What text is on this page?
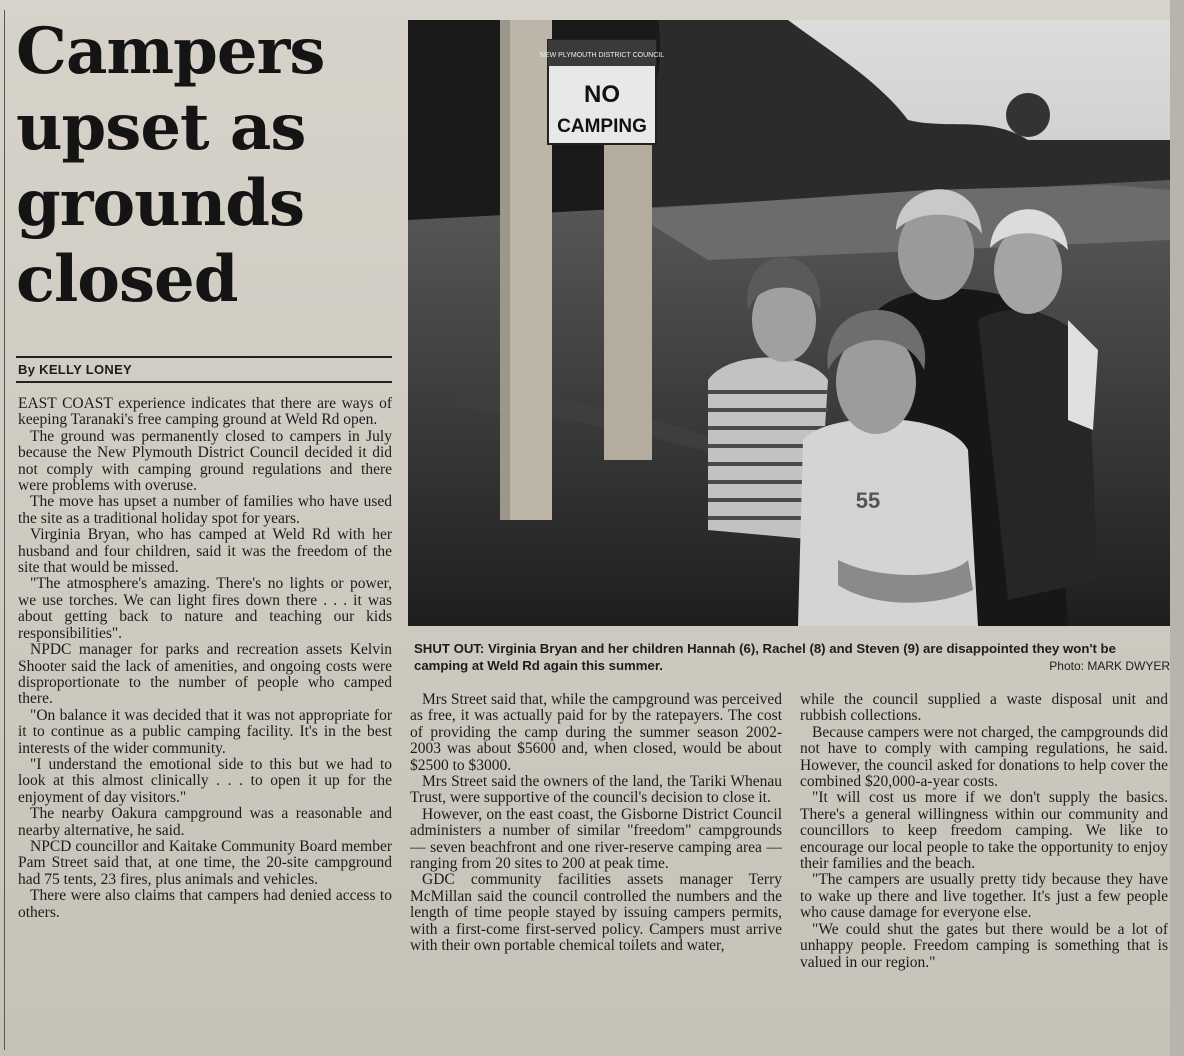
Campers
upset as
grounds
closed
By KELLY LONEY

EAST COAST experience indicates that there are ways of keeping Taranaki's free camping ground at Weld Rd open.

The ground was permanently closed to campers in July because the New Plymouth District Council decided it did not comply with camping ground regulations and there were problems with overuse.

The move has upset a number of families who have used the site as a traditional holiday spot for years.

Virginia Bryan, who has camped at Weld Rd with her husband and four children, said it was the freedom of the site that would be missed.

"The atmosphere's amazing. There's no lights or power, we use torches. We can light fires down there . . . it was about getting back to nature and teaching our kids responsibilities".

NPDC manager for parks and recreation assets Kelvin Shooter said the lack of amenities, and ongoing costs were disproportionate to the number of people who camped there.

"On balance it was decided that it was not appropriate for it to continue as a public camping facility. It's in the best interests of the wider community.

"I understand the emotional side to this but we had to look at this almost clinically . . . to open it up for the enjoyment of day visitors."

The nearby Oakura campground was a reasonable and nearby alternative, he said.

NPCD councillor and Kaitake Community Board member Pam Street said that, at one time, the 20-site campground had 75 tents, 23 fires, plus animals and vehicles.

There were also claims that campers had denied access to others.

NEW PLYMOUTH DISTRICT COUNCIL
NO
CAMPING
55
SHUT OUT: Virginia Bryan and her children Hannah (6), Rachel (8) and Steven (9) are disappointed they won't be camping at Weld Rd again this summer.	Photo: MARK DWYER

Mrs Street said that, while the campground was perceived as free, it was actually paid for by the ratepayers. The cost of providing the camp during the summer season 2002-2003 was about $5600 and, when closed, would be about $2500 to $3000.

Mrs Street said the owners of the land, the Tariki Whenau Trust, were supportive of the council's decision to close it.

However, on the east coast, the Gisborne District Council administers a number of similar "freedom" campgrounds — seven beachfront and one river-reserve camping area — ranging from 20 sites to 200 at peak time.

GDC community facilities assets manager Terry McMillan said the council controlled the numbers and the length of time people stayed by issuing campers permits, with a first-come first-served policy. Campers must arrive with their own portable chemical toilets and water,

while the council supplied a waste disposal unit and rubbish collections.

Because campers were not charged, the campgrounds did not have to comply with camping regulations, he said. However, the council asked for donations to help cover the combined $20,000-a-year costs.

"It will cost us more if we don't supply the basics. There's a general willingness within our community and councillors to keep freedom camping. We like to encourage our local people to take the opportunity to enjoy their families and the beach.

"The campers are usually pretty tidy because they have to wake up there and live together. It's just a few people who cause damage for everyone else.

"We could shut the gates but there would be a lot of unhappy people. Freedom camping is something that is valued in our region."
